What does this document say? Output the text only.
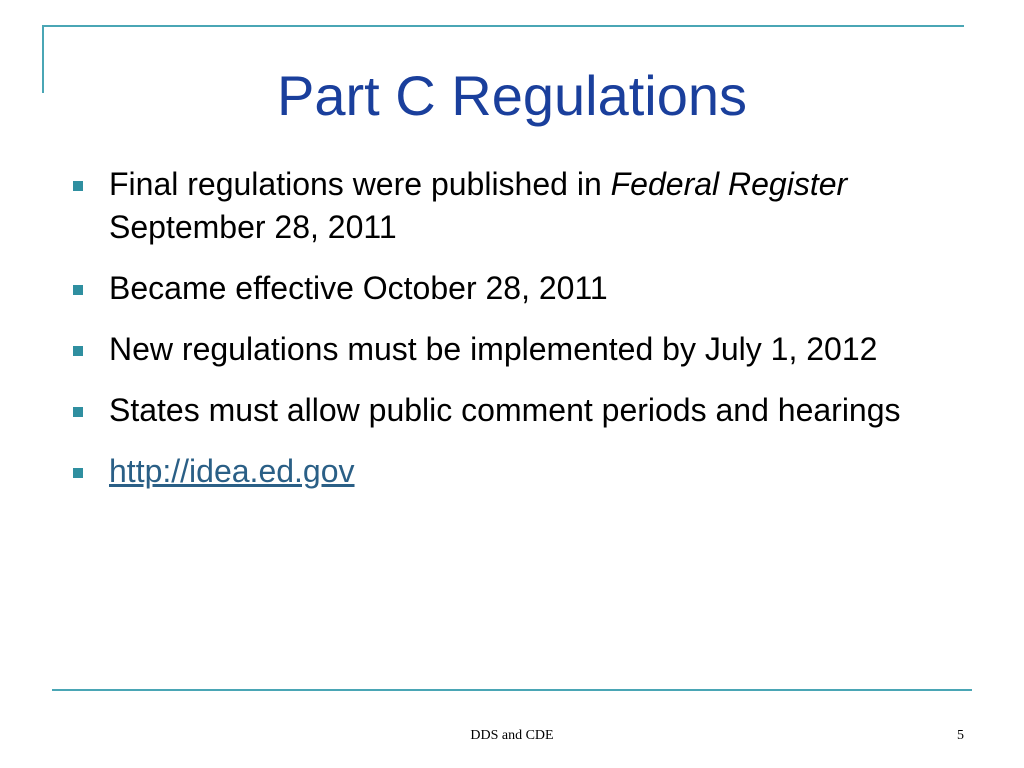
Part C Regulations
Final regulations were published in Federal Register September 28, 2011
Became effective October 28, 2011
New regulations must be implemented by July 1, 2012
States must allow public comment periods and hearings
http://idea.ed.gov
DDS and CDE	5
